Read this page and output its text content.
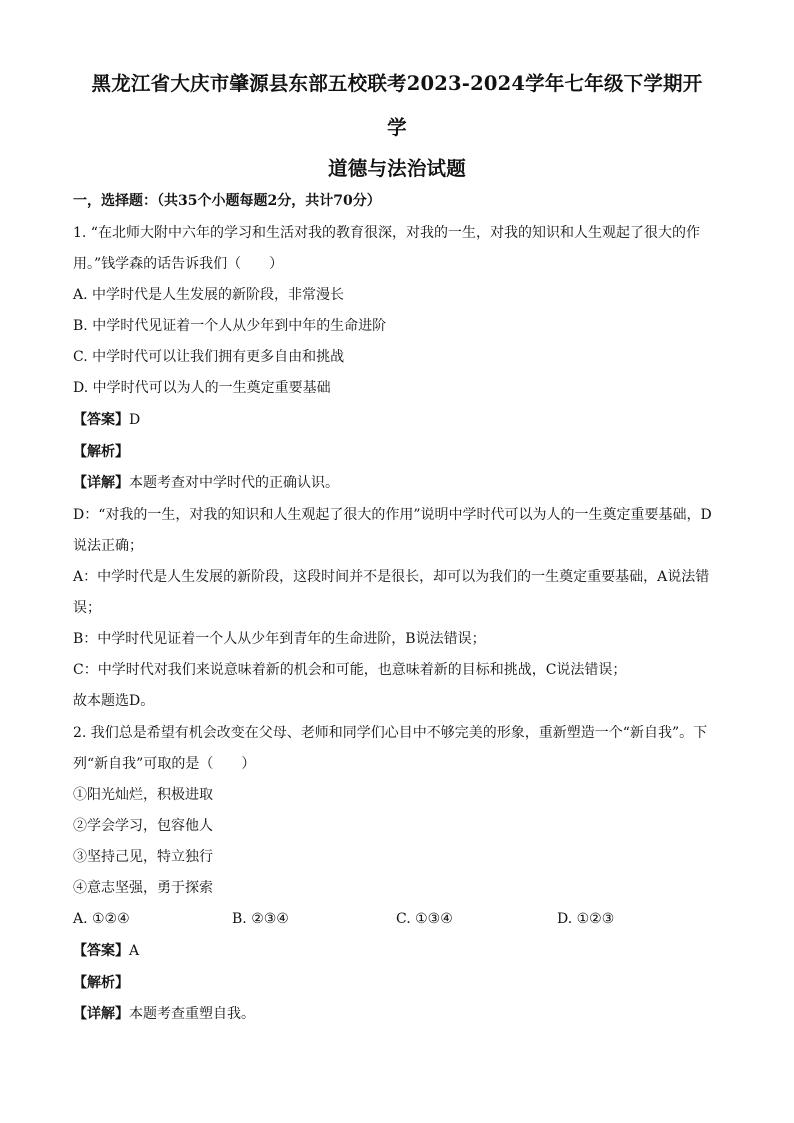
黑龙江省大庆市肇源县东部五校联考2023-2024学年七年级下学期开

学

道德与法治试题

一，选择题：（共35个小题每题2分，共计70分）

1. “在北师大附中六年的学习和生活对我的教育很深，对我的一生，对我的知识和人生观起了很大的作

用。”钱学森的话告诉我们（　　）

A. 中学时代是人生发展的新阶段，非常漫长

B. 中学时代见证着一个人从少年到中年的生命进阶

C. 中学时代可以让我们拥有更多自由和挑战

D. 中学时代可以为人的一生奠定重要基础

【答案】D

【解析】

【详解】本题考查对中学时代的正确认识。

D：“对我的一生，对我的知识和人生观起了很大的作用”说明中学时代可以为人的一生奠定重要基础，D

说法正确；

A：中学时代是人生发展的新阶段，这段时间并不是很长，却可以为我们的一生奠定重要基础，A说法错

误；

B：中学时代见证着一个人从少年到青年的生命进阶，B说法错误；

C：中学时代对我们来说意味着新的机会和可能，也意味着新的目标和挑战，C说法错误；

故本题选D。

2. 我们总是希望有机会改变在父母、老师和同学们心目中不够完美的形象，重新塑造一个“新自我”。下

列“新自我”可取的是（　　）

①阳光灿烂，积极进取

②学会学习，包容他人

③坚持己见，特立独行

④意志坚强，勇于探索

A. ①②④	B. ②③④	C. ①③④	D. ①②③

【答案】A

【解析】

【详解】本题考查重塑自我。
